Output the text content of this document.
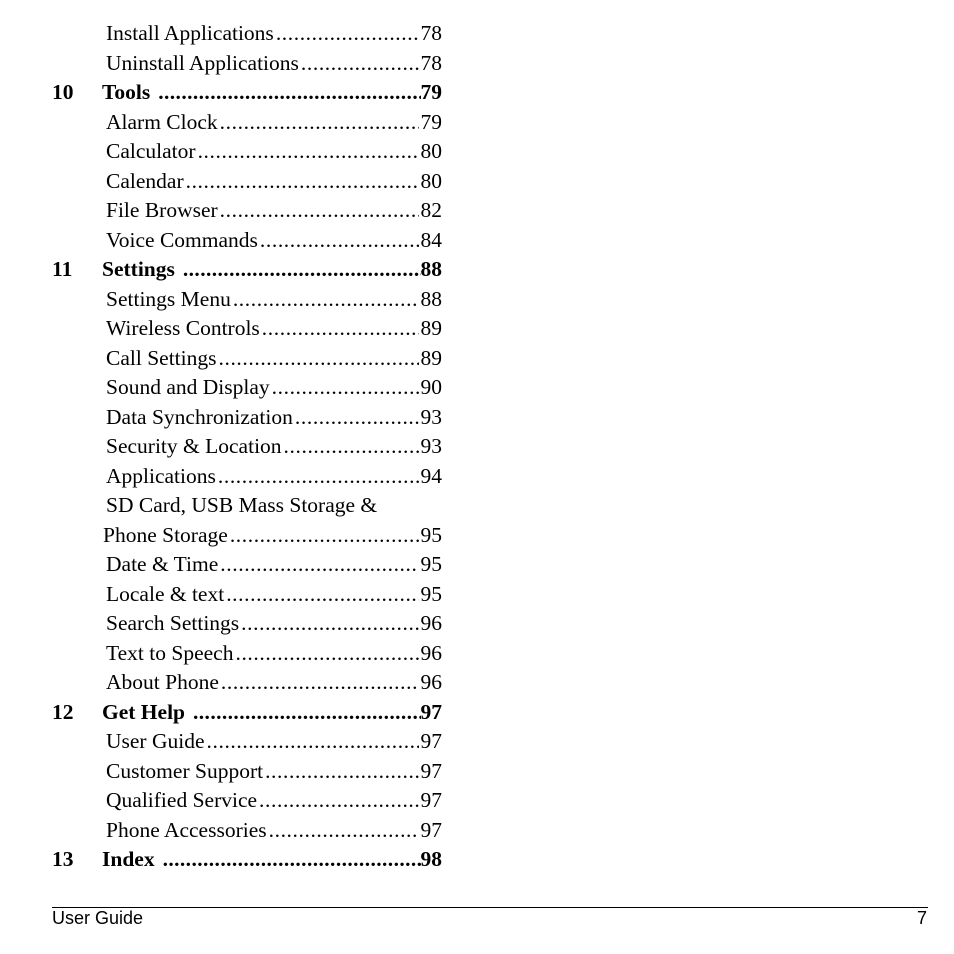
Install Applications .....	78
Uninstall Applications .....	78
10 Tools .....	79
Alarm Clock .....	79
Calculator .....	80
Calendar .....	80
File Browser .....	82
Voice Commands .....	84
11 Settings .....	88
Settings Menu .....	88
Wireless Controls .....	89
Call Settings .....	89
Sound and Display .....	90
Data Synchronization .....	93
Security & Location .....	93
Applications .....	94
SD Card, USB Mass Storage &
Phone Storage .....	95
Date & Time .....	95
Locale & text .....	95
Search Settings .....	96
Text to Speech .....	96
About Phone .....	96
12 Get Help .....	97
User Guide .....	97
Customer Support .....	97
Qualified Service .....	97
Phone Accessories .....	97
13 Index .....	98
User Guide	7
